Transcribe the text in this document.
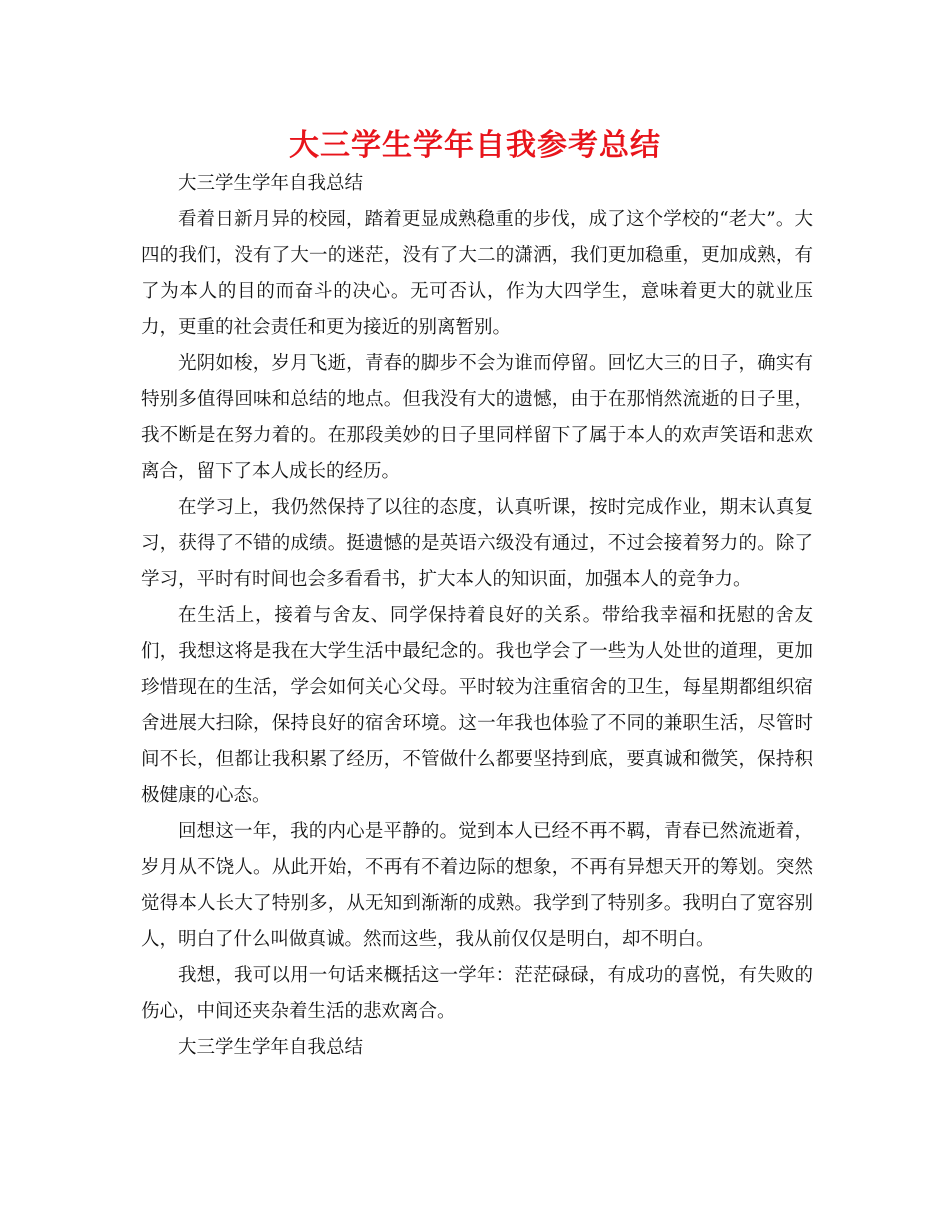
大三学生学年自我参考总结

大三学生学年自我总结

看着日新月异的校园，踏着更显成熟稳重的步伐，成了这个学校的“老大”。大四的我们，没有了大一的迷茫，没有了大二的潇洒，我们更加稳重，更加成熟，有了为本人的目的而奋斗的决心。无可否认，作为大四学生，意味着更大的就业压力，更重的社会责任和更为接近的别离暂别。

光阴如梭，岁月飞逝，青春的脚步不会为谁而停留。回忆大三的日子，确实有特别多值得回味和总结的地点。但我没有大的遗憾，由于在那悄然流逝的日子里，我不断是在努力着的。在那段美妙的日子里同样留下了属于本人的欢声笑语和悲欢离合，留下了本人成长的经历。

在学习上，我仍然保持了以往的态度，认真听课，按时完成作业，期末认真复习，获得了不错的成绩。挺遗憾的是英语六级没有通过，不过会接着努力的。除了学习，平时有时间也会多看看书，扩大本人的知识面，加强本人的竞争力。

在生活上，接着与舍友、同学保持着良好的关系。带给我幸福和抚慰的舍友们，我想这将是我在大学生活中最纪念的。我也学会了一些为人处世的道理，更加珍惜现在的生活，学会如何关心父母。平时较为注重宿舍的卫生，每星期都组织宿舍进展大扫除，保持良好的宿舍环境。这一年我也体验了不同的兼职生活，尽管时间不长，但都让我积累了经历，不管做什么都要坚持到底，要真诚和微笑，保持积极健康的心态。

回想这一年，我的内心是平静的。觉到本人已经不再不羁，青春已然流逝着，岁月从不饶人。从此开始，不再有不着边际的想象，不再有异想天开的筹划。突然觉得本人长大了特别多，从无知到渐渐的成熟。我学到了特别多。我明白了宽容别人，明白了什么叫做真诚。然而这些，我从前仅仅是明白，却不明白。

我想，我可以用一句话来概括这一学年：茫茫碌碌，有成功的喜悦，有失败的伤心，中间还夹杂着生活的悲欢离合。

大三学生学年自我总结
